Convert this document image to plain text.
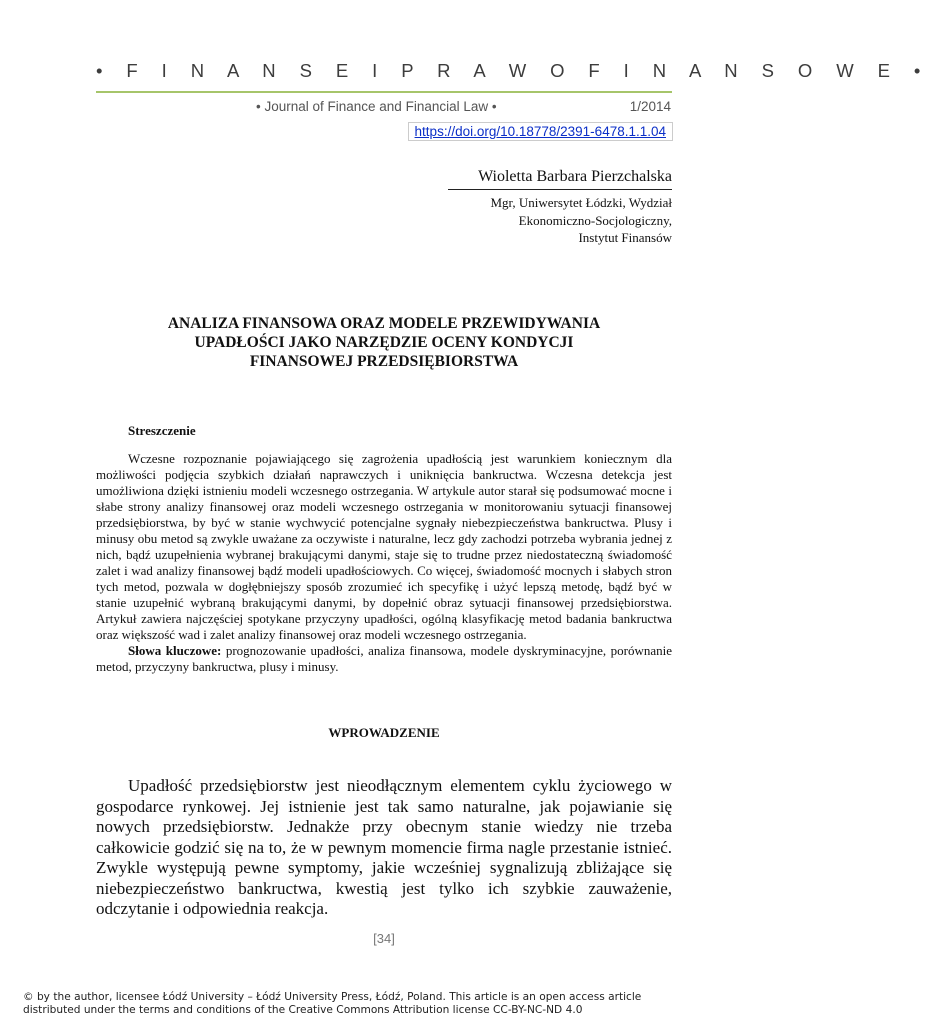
• F I N A N S E I P R A W O F I N A N S O W E •
• Journal of Finance and Financial Law •	1/2014
https://doi.org/10.18778/2391-6478.1.1.04
Wioletta Barbara Pierzchalska
Mgr, Uniwersytet Łódzki, Wydział
Ekonomiczno-Socjologiczny,
Instytut Finansów
ANALIZA FINANSOWA ORAZ MODELE PRZEWIDYWANIA
UPADŁOŚCI JAKO NARZĘDZIE OCENY KONDYCJI
FINANSOWEJ PRZEDSIĘBIORSTWA
Streszczenie

Wczesne rozpoznanie pojawiającego się zagrożenia upadłością jest warunkiem koniecznym dla możliwości podjęcia szybkich działań naprawczych i uniknięcia bankructwa. Wczesna detekcja jest umożliwiona dzięki istnieniu modeli wczesnego ostrzegania. W artykule autor starał się podsumować mocne i słabe strony analizy finansowej oraz modeli wczesnego ostrzegania w monitorowaniu sytuacji finansowej przedsiębiorstwa, by być w stanie wychwycić potencjalne sygnały niebezpieczeństwa bankructwa. Plusy i minusy obu metod są zwykle uważane za oczywiste i naturalne, lecz gdy zachodzi potrzeba wybrania jednej z nich, bądź uzupełnienia wybranej brakującymi danymi, staje się to trudne przez niedostateczną świadomość zalet i wad analizy finansowej bądź modeli upadłościowych. Co więcej, świadomość mocnych i słabych stron tych metod, pozwala w dogłębniejszy sposób zrozumieć ich specyfikę i użyć lepszą metodę, bądź być w stanie uzupełnić wybraną brakującymi danymi, by dopełnić obraz sytuacji finansowej przedsiębiorstwa. Artykuł zawiera najczęściej spotykane przyczyny upadłości, ogólną klasyfikację metod badania bankructwa oraz większość wad i zalet analizy finansowej oraz modeli wczesnego ostrzegania.

Słowa kluczowe: prognozowanie upadłości, analiza finansowa, modele dyskryminacyjne, porównanie metod, przyczyny bankructwa, plusy i minusy.

WPROWADZENIE

Upadłość przedsiębiorstw jest nieodłącznym elementem cyklu życiowego w gospodarce rynkowej. Jej istnienie jest tak samo naturalne, jak pojawianie się nowych przedsiębiorstw. Jednakże przy obecnym stanie wiedzy nie trzeba całkowicie godzić się na to, że w pewnym momencie firma nagle przestanie istnieć. Zwykle występują pewne symptomy, jakie wcześniej sygnalizują zbliżające się niebezpieczeństwo bankructwa, kwestią jest tylko ich szybkie zauważenie, odczytanie i odpowiednia reakcja.

[34]
© by the author, licensee Łódź University – Łódź University Press, Łódź, Poland. This article is an open access article
distributed under the terms and conditions of the Creative Commons Attribution license CC-BY-NC-ND 4.0
